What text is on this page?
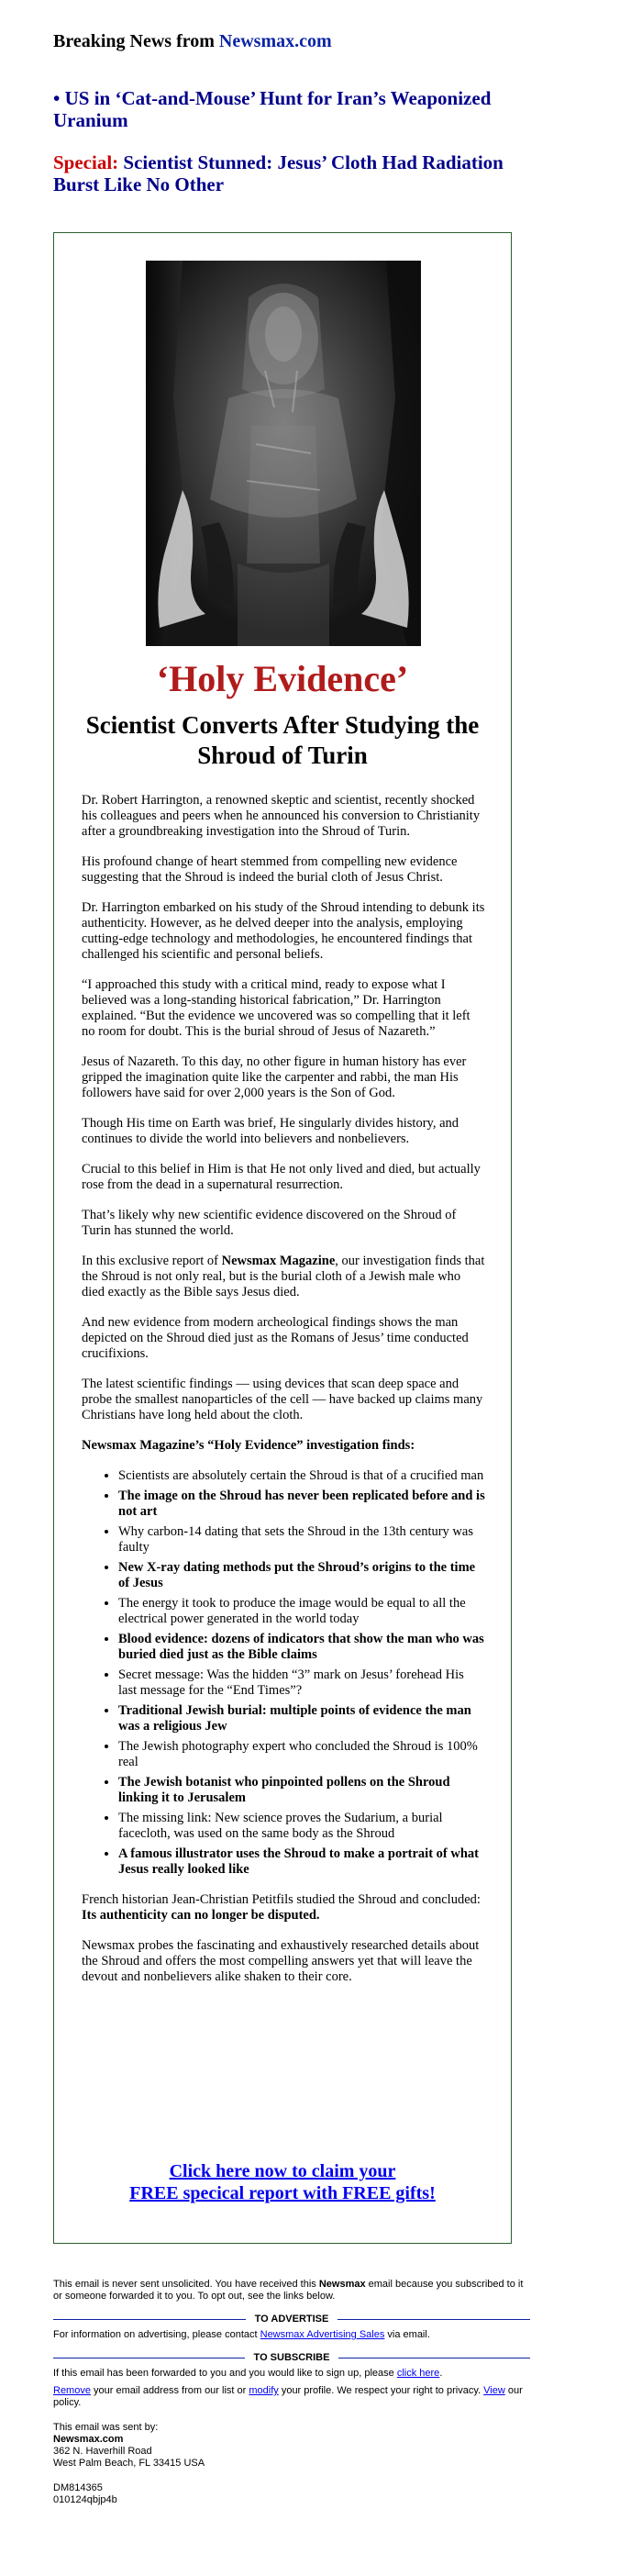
Breaking News from Newsmax.com
• US in ‘Cat-and-Mouse’ Hunt for Iran’s Weaponized Uranium
Special: Scientist Stunned: Jesus’ Cloth Had Radiation Burst Like No Other
‘Holy Evidence’
Scientist Converts After Studying the Shroud of Turin

Dr. Robert Harrington, a renowned skeptic and scientist, recently shocked his colleagues and peers when he announced his conversion to Christianity after a groundbreaking investigation into the Shroud of Turin.

His profound change of heart stemmed from compelling new evidence suggesting that the Shroud is indeed the burial cloth of Jesus Christ.

Dr. Harrington embarked on his study of the Shroud intending to debunk its authenticity. However, as he delved deeper into the analysis, employing cutting-edge technology and methodologies, he encountered findings that challenged his scientific and personal beliefs.

“I approached this study with a critical mind, ready to expose what I believed was a long-standing historical fabrication,” Dr. Harrington explained. “But the evidence we uncovered was so compelling that it left no room for doubt. This is the burial shroud of Jesus of Nazareth.”

Jesus of Nazareth. To this day, no other figure in human history has ever gripped the imagination quite like the carpenter and rabbi, the man His followers have said for over 2,000 years is the Son of God.

Though His time on Earth was brief, He singularly divides history, and continues to divide the world into believers and nonbelievers.

Crucial to this belief in Him is that He not only lived and died, but actually rose from the dead in a supernatural resurrection.

That’s likely why new scientific evidence discovered on the Shroud of Turin has stunned the world.

In this exclusive report of Newsmax Magazine, our investigation finds that the Shroud is not only real, but is the burial cloth of a Jewish male who died exactly as the Bible says Jesus died.

And new evidence from modern archeological findings shows the man depicted on the Shroud died just as the Romans of Jesus’ time conducted crucifixions.

The latest scientific findings — using devices that scan deep space and probe the smallest nanoparticles of the cell — have backed up claims many Christians have long held about the cloth.

Newsmax Magazine’s “Holy Evidence” investigation finds:

• Scientists are absolutely certain the Shroud is that of a crucified man
• The image on the Shroud has never been replicated before and is not art
• Why carbon-14 dating that sets the Shroud in the 13th century was faulty
• New X-ray dating methods put the Shroud’s origins to the time of Jesus
• The energy it took to produce the image would be equal to all the electrical power generated in the world today
• Blood evidence: dozens of indicators that show the man who was buried died just as the Bible claims
• Secret message: Was the hidden “3” mark on Jesus’ forehead His last message for the “End Times”?
• Traditional Jewish burial: multiple points of evidence the man was a religious Jew
• The Jewish photography expert who concluded the Shroud is 100% real
• The Jewish botanist who pinpointed pollens on the Shroud linking it to Jerusalem
• The missing link: New science proves the Sudarium, a burial facecloth, was used on the same body as the Shroud
• A famous illustrator uses the Shroud to make a portrait of what Jesus really looked like

French historian Jean-Christian Petitfils studied the Shroud and concluded: Its authenticity can no longer be disputed.

Newsmax probes the fascinating and exhaustively researched details about the Shroud and offers the most compelling answers yet that will leave the devout and nonbelievers alike shaken to their core.

Click here now to claim your
FREE specical report with FREE gifts!

This email is never sent unsolicited. You have received this Newsmax email because you subscribed to it or someone forwarded it to you. To opt out, see the links below.

TO ADVERTISE

For information on advertising, please contact Newsmax Advertising Sales via email.

TO SUBSCRIBE

If this email has been forwarded to you and you would like to sign up, please click here.

Remove your email address from our list or modify your profile. We respect your right to privacy. View our policy.

This email was sent by:

Newsmax.com

362 N. Haverhill Road

West Palm Beach, FL 33415 USA

DM814365

010124qbjp4b
